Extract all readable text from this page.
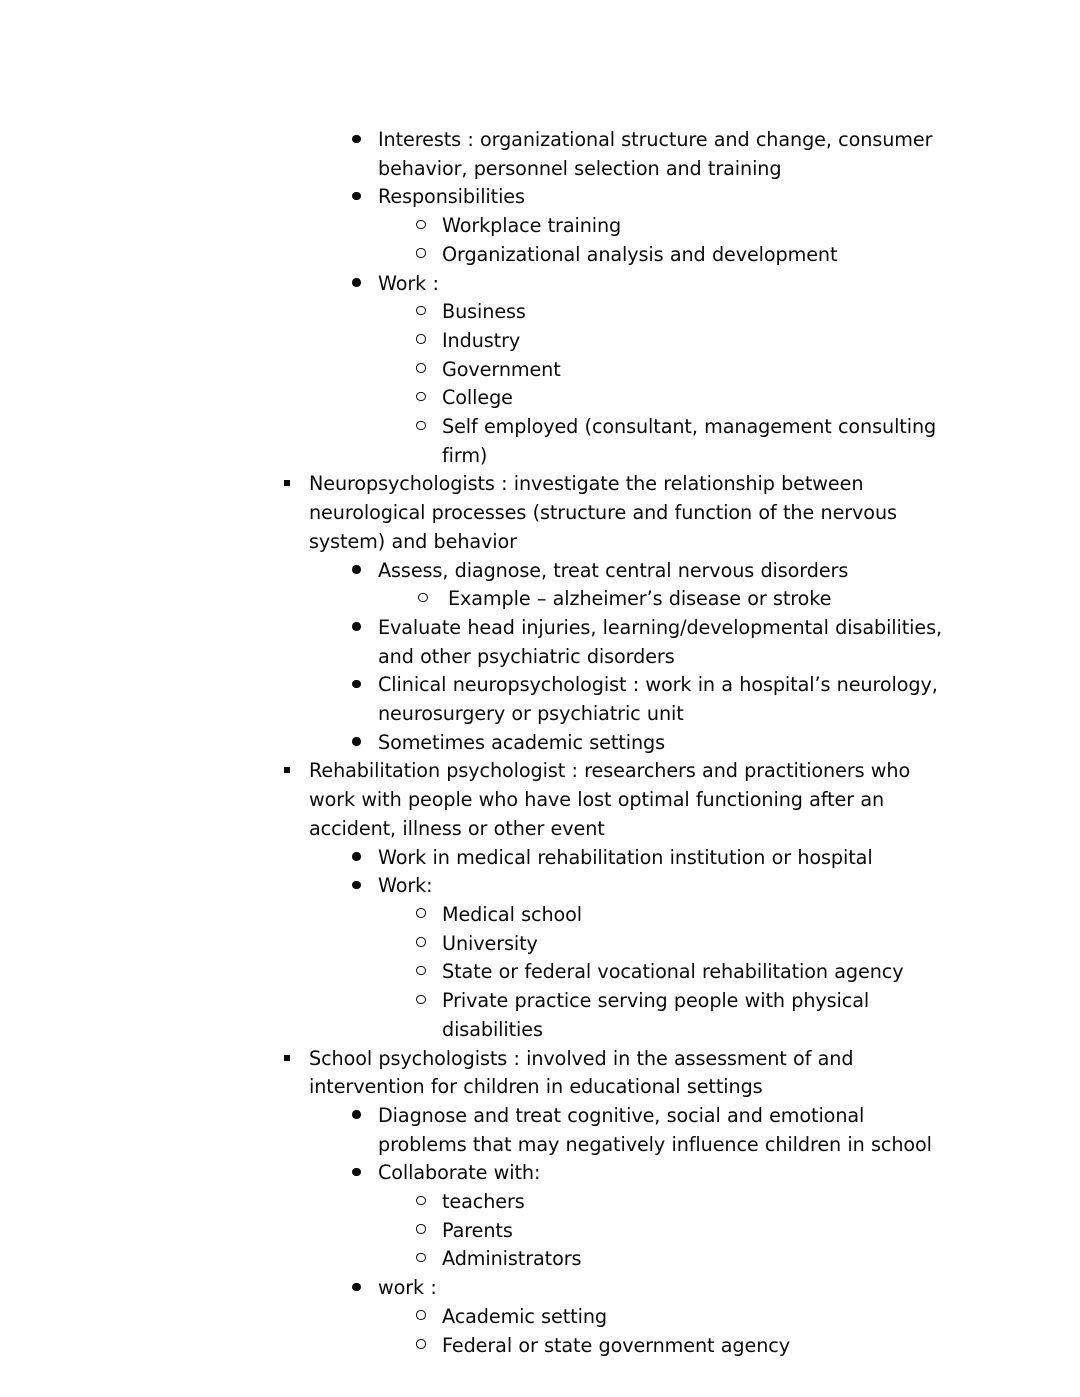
Interests : organizational structure and change, consumer behavior, personnel selection and training
Responsibilities
Workplace training
Organizational analysis and development
Work :
Business
Industry
Government
College
Self employed (consultant, management consulting firm)
Neuropsychologists : investigate the relationship between neurological processes (structure and function of the nervous system) and behavior
Assess, diagnose, treat central nervous disorders
Example – alzheimer’s disease or stroke
Evaluate head injuries, learning/developmental disabilities, and other psychiatric disorders
Clinical neuropsychologist : work in a hospital’s neurology, neurosurgery or psychiatric unit
Sometimes academic settings
Rehabilitation psychologist : researchers and practitioners who work with people who have lost optimal functioning after an accident, illness or other event
Work in medical rehabilitation institution or hospital
Work:
Medical school
University
State or federal vocational rehabilitation agency
Private practice serving people with physical disabilities
School psychologists : involved in the assessment of and intervention for children in educational settings
Diagnose and treat cognitive, social and emotional problems that may negatively influence children in school
Collaborate with:
teachers
Parents
Administrators
work :
Academic setting
Federal or state government agency
